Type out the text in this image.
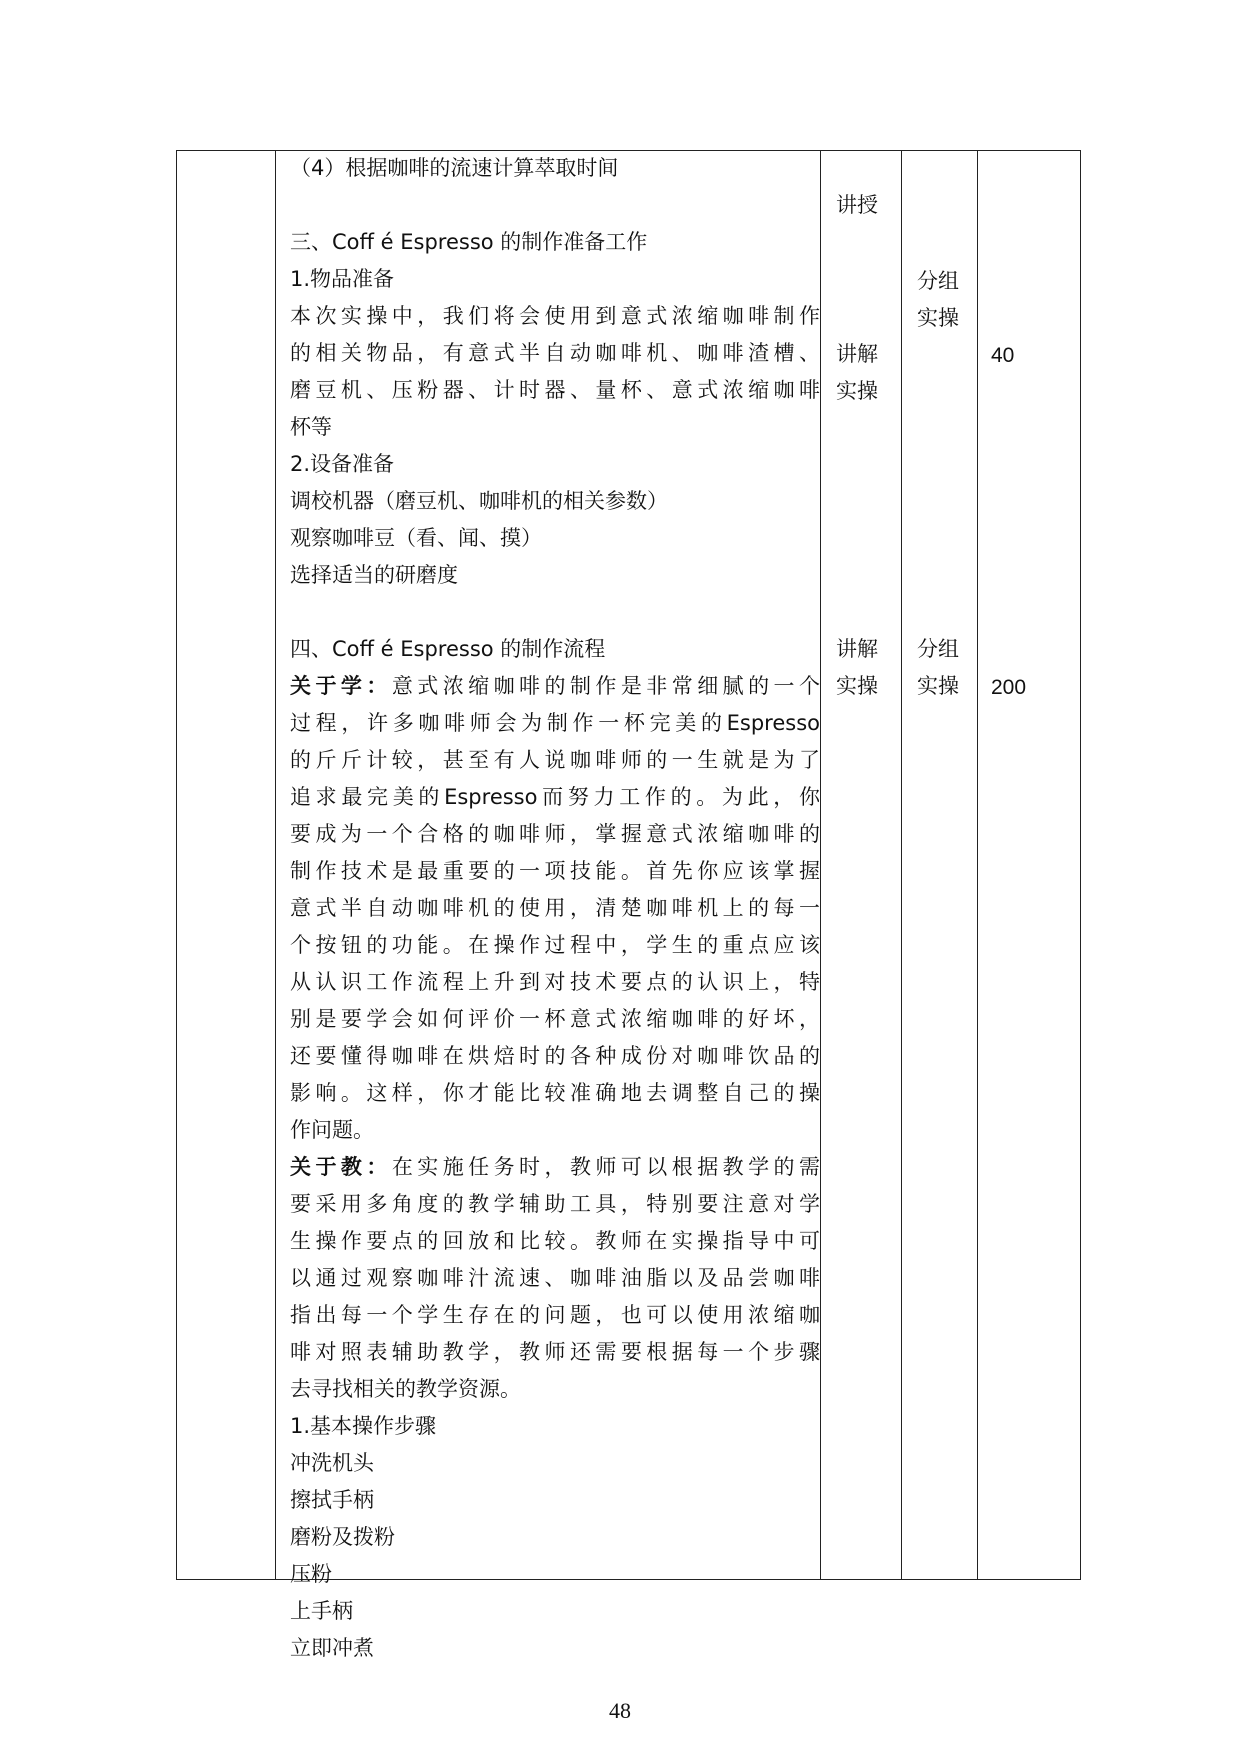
（4）根据咖啡的流速计算萃取时间

三、Coff é Espresso 的制作准备工作
1.物品准备
本次实操中，我们将会使用到意式浓缩咖啡制作
的相关物品，有意式半自动咖啡机、咖啡渣槽、
磨豆机、压粉器、计时器、量杯、意式浓缩咖啡
杯等
2.设备准备
调校机器（磨豆机、咖啡机的相关参数）
观察咖啡豆（看、闻、摸）
选择适当的研磨度
讲授
讲解
实操
分组
实操
40
四、Coff é Espresso 的制作流程
关于学：意式浓缩咖啡的制作是非常细腻的一个
过程，许多咖啡师会为制作一杯完美的Espresso
的斤斤计较，甚至有人说咖啡师的一生就是为了
追求最完美的Espresso而努力工作的。为此，你
要成为一个合格的咖啡师，掌握意式浓缩咖啡的
制作技术是最重要的一项技能。首先你应该掌握
意式半自动咖啡机的使用，清楚咖啡机上的每一
个按钮的功能。在操作过程中，学生的重点应该
从认识工作流程上升到对技术要点的认识上，特
别是要学会如何评价一杯意式浓缩咖啡的好坏，
还要懂得咖啡在烘焙时的各种成份对咖啡饮品的
影响。这样，你才能比较准确地去调整自己的操
作问题。
关于教：在实施任务时，教师可以根据教学的需
要采用多角度的教学辅助工具，特别要注意对学
生操作要点的回放和比较。教师在实操指导中可
以通过观察咖啡汁流速、咖啡油脂以及品尝咖啡
指出每一个学生存在的问题，也可以使用浓缩咖
啡对照表辅助教学，教师还需要根据每一个步骤
去寻找相关的教学资源。
1.基本操作步骤
冲洗机头
擦拭手柄
磨粉及拨粉
压粉
上手柄
立即冲煮
讲解
实操
分组
实操 200
48
